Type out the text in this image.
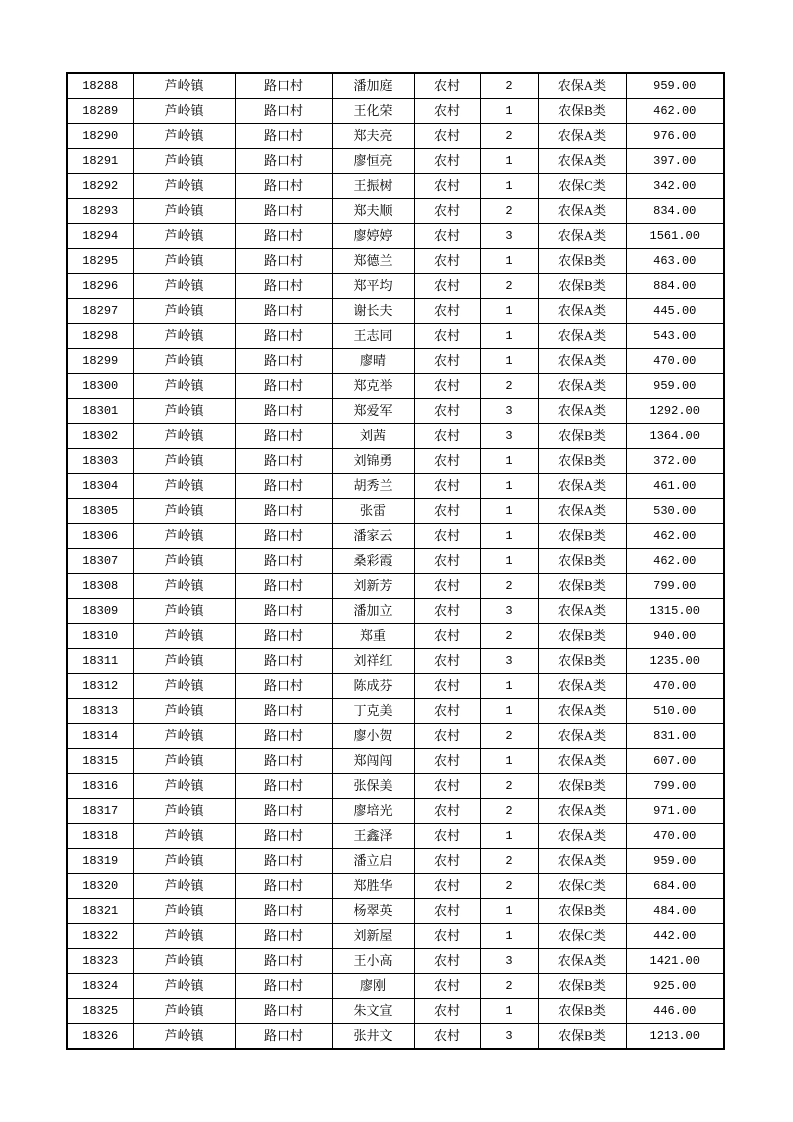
18288	芦岭镇	路口村	潘加庭	农村	2	农保A类	959.00
18289	芦岭镇	路口村	王化荣	农村	1	农保B类	462.00
18290	芦岭镇	路口村	郑夫亮	农村	2	农保A类	976.00
18291	芦岭镇	路口村	廖恒亮	农村	1	农保A类	397.00
18292	芦岭镇	路口村	王振树	农村	1	农保C类	342.00
18293	芦岭镇	路口村	郑夫顺	农村	2	农保A类	834.00
18294	芦岭镇	路口村	廖婷婷	农村	3	农保A类	1561.00
18295	芦岭镇	路口村	郑德兰	农村	1	农保B类	463.00
18296	芦岭镇	路口村	郑平均	农村	2	农保B类	884.00
18297	芦岭镇	路口村	谢长夫	农村	1	农保A类	445.00
18298	芦岭镇	路口村	王志同	农村	1	农保A类	543.00
18299	芦岭镇	路口村	廖晴	农村	1	农保A类	470.00
18300	芦岭镇	路口村	郑克举	农村	2	农保A类	959.00
18301	芦岭镇	路口村	郑爱军	农村	3	农保A类	1292.00
18302	芦岭镇	路口村	刘茜	农村	3	农保B类	1364.00
18303	芦岭镇	路口村	刘锦勇	农村	1	农保B类	372.00
18304	芦岭镇	路口村	胡秀兰	农村	1	农保A类	461.00
18305	芦岭镇	路口村	张雷	农村	1	农保A类	530.00
18306	芦岭镇	路口村	潘家云	农村	1	农保B类	462.00
18307	芦岭镇	路口村	桑彩霞	农村	1	农保B类	462.00
18308	芦岭镇	路口村	刘新芳	农村	2	农保B类	799.00
18309	芦岭镇	路口村	潘加立	农村	3	农保A类	1315.00
18310	芦岭镇	路口村	郑重	农村	2	农保B类	940.00
18311	芦岭镇	路口村	刘祥红	农村	3	农保B类	1235.00
18312	芦岭镇	路口村	陈成芬	农村	1	农保A类	470.00
18313	芦岭镇	路口村	丁克美	农村	1	农保A类	510.00
18314	芦岭镇	路口村	廖小贺	农村	2	农保A类	831.00
18315	芦岭镇	路口村	郑闯闯	农村	1	农保A类	607.00
18316	芦岭镇	路口村	张保美	农村	2	农保B类	799.00
18317	芦岭镇	路口村	廖培光	农村	2	农保A类	971.00
18318	芦岭镇	路口村	王鑫泽	农村	1	农保A类	470.00
18319	芦岭镇	路口村	潘立启	农村	2	农保A类	959.00
18320	芦岭镇	路口村	郑胜华	农村	2	农保C类	684.00
18321	芦岭镇	路口村	杨翠英	农村	1	农保B类	484.00
18322	芦岭镇	路口村	刘新屋	农村	1	农保C类	442.00
18323	芦岭镇	路口村	王小高	农村	3	农保A类	1421.00
18324	芦岭镇	路口村	廖刚	农村	2	农保B类	925.00
18325	芦岭镇	路口村	朱文宣	农村	1	农保B类	446.00
18326	芦岭镇	路口村	张井文	农村	3	农保B类	1213.00
